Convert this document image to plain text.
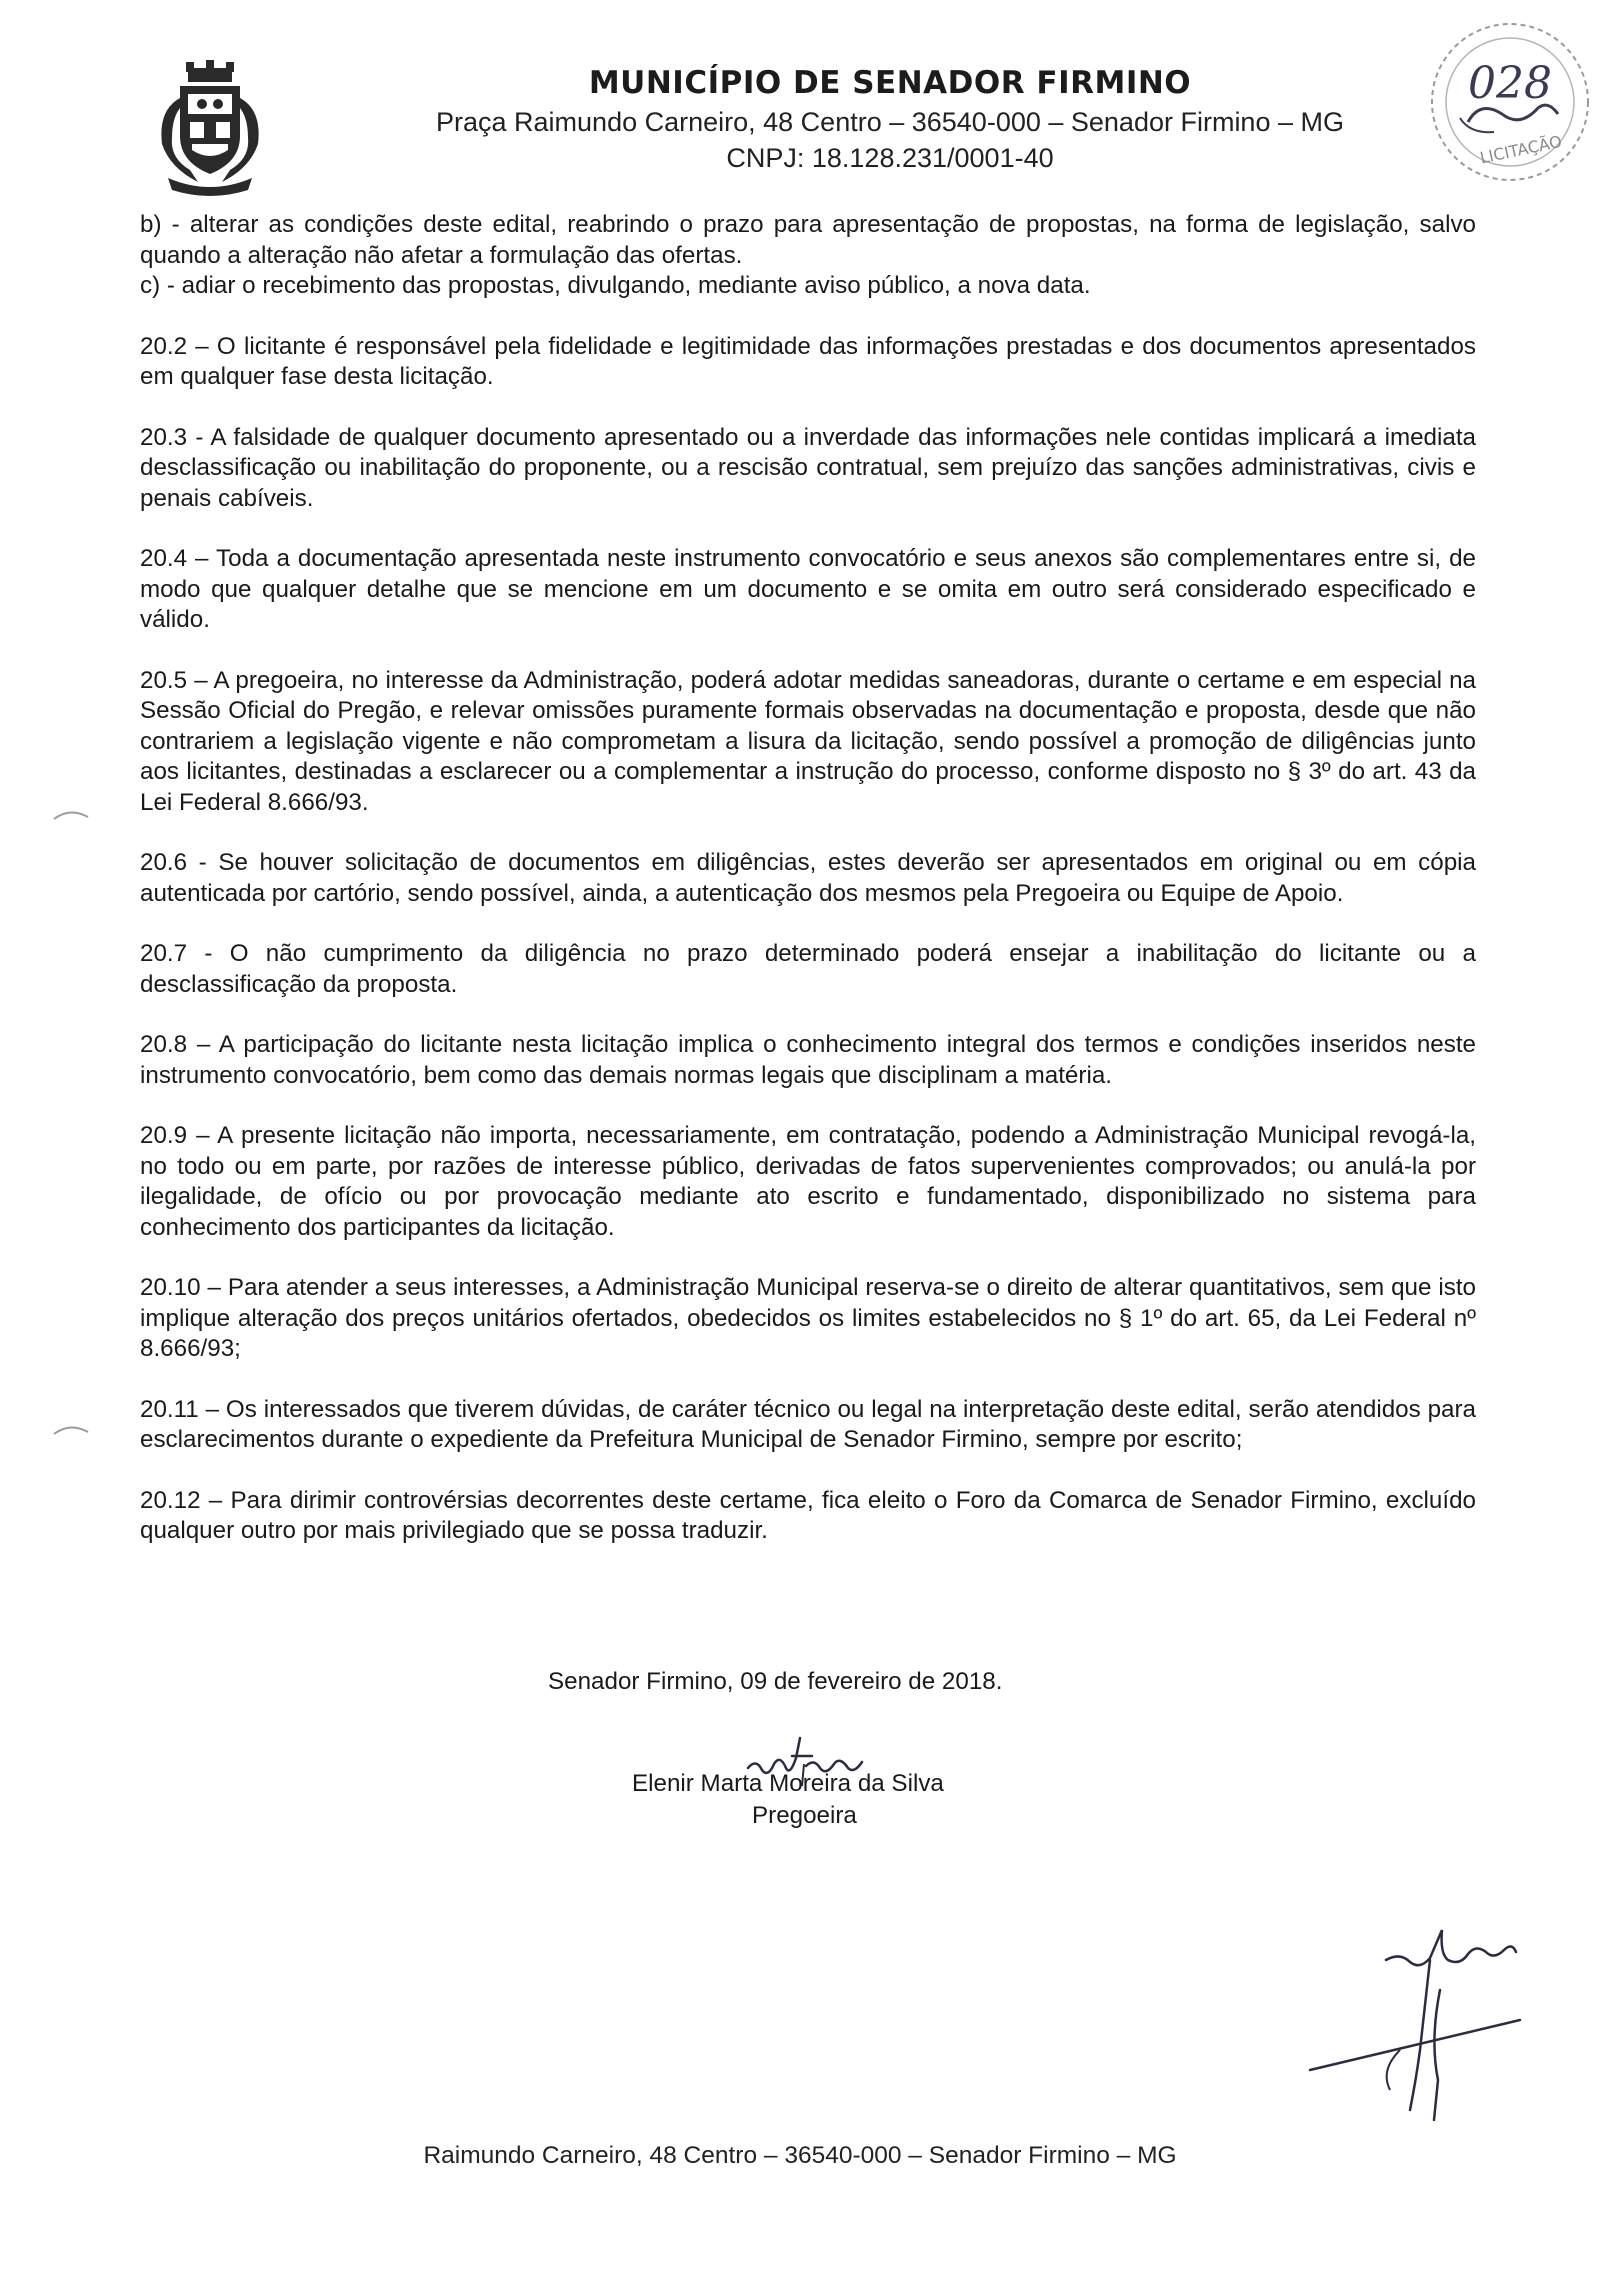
MUNICÍPIO DE SENADOR FIRMINO
Praça Raimundo Carneiro, 48 Centro – 36540-000 – Senador Firmino – MG
CNPJ: 18.128.231/0001-40
028
LICITAÇÃO

b) - alterar as condições deste edital, reabrindo o prazo para apresentação de propostas, na forma de legislação, salvo quando a alteração não afetar a formulação das ofertas.

c) - adiar o recebimento das propostas, divulgando, mediante aviso público, a nova data.

20.2 – O licitante é responsável pela fidelidade e legitimidade das informações prestadas e dos documentos apresentados em qualquer fase desta licitação.

20.3 - A falsidade de qualquer documento apresentado ou a inverdade das informações nele contidas implicará a imediata desclassificação ou inabilitação do proponente, ou a rescisão contratual, sem prejuízo das sanções administrativas, civis e penais cabíveis.

20.4 – Toda a documentação apresentada neste instrumento convocatório e seus anexos são complementares entre si, de modo que qualquer detalhe que se mencione em um documento e se omita em outro será considerado especificado e válido.

20.5 – A pregoeira, no interesse da Administração, poderá adotar medidas saneadoras, durante o certame e em especial na Sessão Oficial do Pregão, e relevar omissões puramente formais observadas na documentação e proposta, desde que não contrariem a legislação vigente e não comprometam a lisura da licitação, sendo possível a promoção de diligências junto aos licitantes, destinadas a esclarecer ou a complementar a instrução do processo, conforme disposto no § 3º do art. 43 da Lei Federal 8.666/93.

20.6 - Se houver solicitação de documentos em diligências, estes deverão ser apresentados em original ou em cópia autenticada por cartório, sendo possível, ainda, a autenticação dos mesmos pela Pregoeira ou Equipe de Apoio.

20.7 - O não cumprimento da diligência no prazo determinado poderá ensejar a inabilitação do licitante ou a desclassificação da proposta.

20.8 – A participação do licitante nesta licitação implica o conhecimento integral dos termos e condições inseridos neste instrumento convocatório, bem como das demais normas legais que disciplinam a matéria.

20.9 – A presente licitação não importa, necessariamente, em contratação, podendo a Administração Municipal revogá-la, no todo ou em parte, por razões de interesse público, derivadas de fatos supervenientes comprovados; ou anulá-la por ilegalidade, de ofício ou por provocação mediante ato escrito e fundamentado, disponibilizado no sistema para conhecimento dos participantes da licitação.

20.10 – Para atender a seus interesses, a Administração Municipal reserva-se o direito de alterar quantitativos, sem que isto implique alteração dos preços unitários ofertados, obedecidos os limites estabelecidos no § 1º do art. 65, da Lei Federal nº 8.666/93;

20.11 – Os interessados que tiverem dúvidas, de caráter técnico ou legal na interpretação deste edital, serão atendidos para esclarecimentos durante o expediente da Prefeitura Municipal de Senador Firmino, sempre por escrito;

20.12 – Para dirimir controvérsias decorrentes deste certame, fica eleito o Foro da Comarca de Senador Firmino, excluído qualquer outro por mais privilegiado que se possa traduzir.

Senador Firmino, 09 de fevereiro de 2018.
Elenir Marta Moreira da Silva
Pregoeira
Raimundo Carneiro, 48 Centro – 36540-000 – Senador Firmino – MG
